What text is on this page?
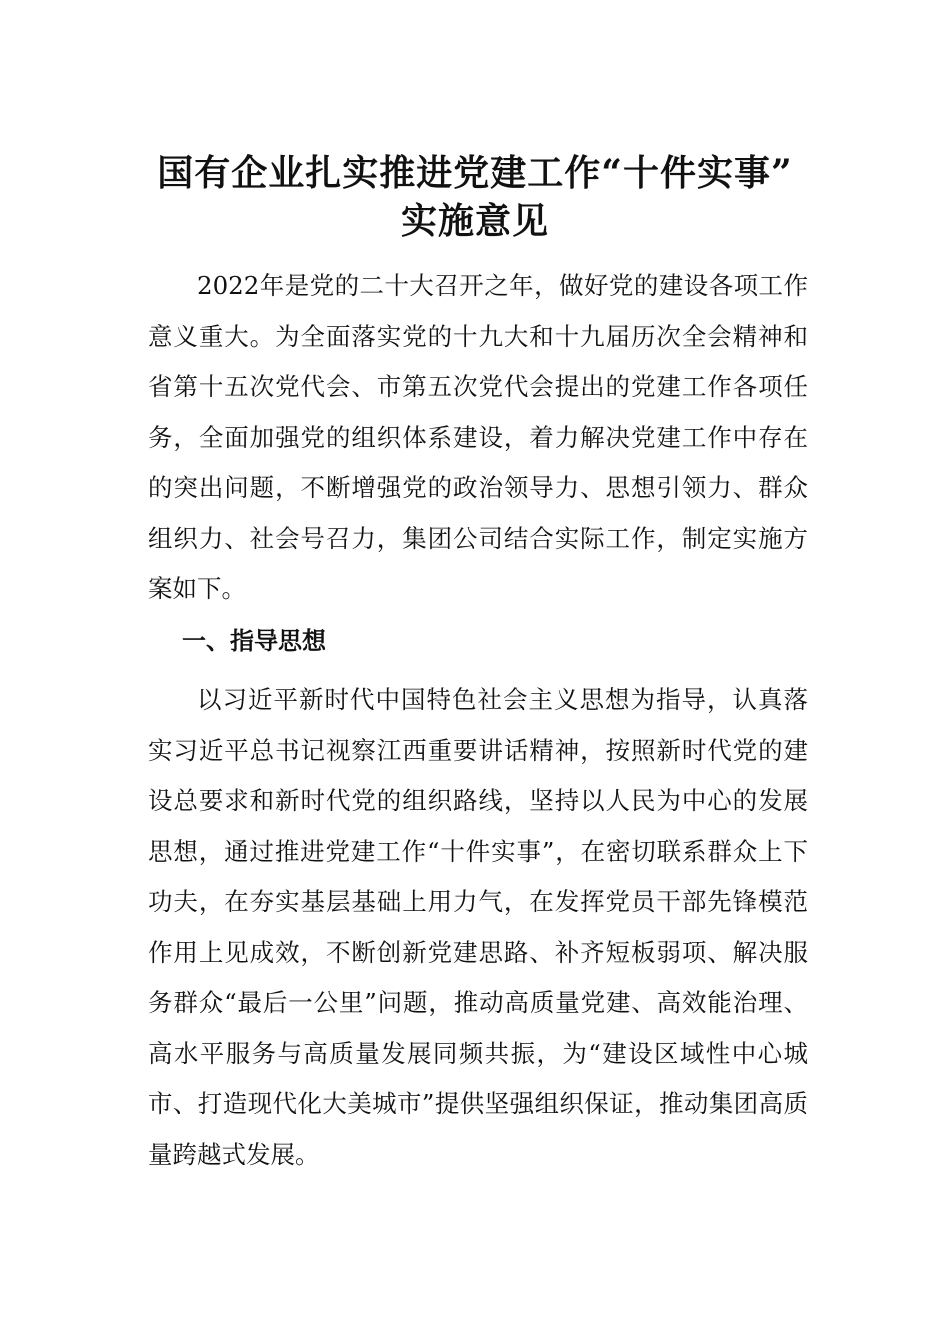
国有企业扎实推进党建工作“十件实事”
实施意见

2022年是党的二十大召开之年，做好党的建设各项工作意义重大。为全面落实党的十九大和十九届历次全会精神和省第十五次党代会、市第五次党代会提出的党建工作各项任务，全面加强党的组织体系建设，着力解决党建工作中存在的突出问题，不断增强党的政治领导力、思想引领力、群众组织力、社会号召力，集团公司结合实际工作，制定实施方案如下。

一、指导思想

以习近平新时代中国特色社会主义思想为指导，认真落实习近平总书记视察江西重要讲话精神，按照新时代党的建设总要求和新时代党的组织路线，坚持以人民为中心的发展思想，通过推进党建工作“十件实事”，在密切联系群众上下功夫，在夯实基层基础上用力气，在发挥党员干部先锋模范作用上见成效，不断创新党建思路、补齐短板弱项、解决服务群众“最后一公里”问题，推动高质量党建、高效能治理、高水平服务与高质量发展同频共振，为“建设区域性中心城市、打造现代化大美城市”提供坚强组织保证，推动集团高质量跨越式发展。
